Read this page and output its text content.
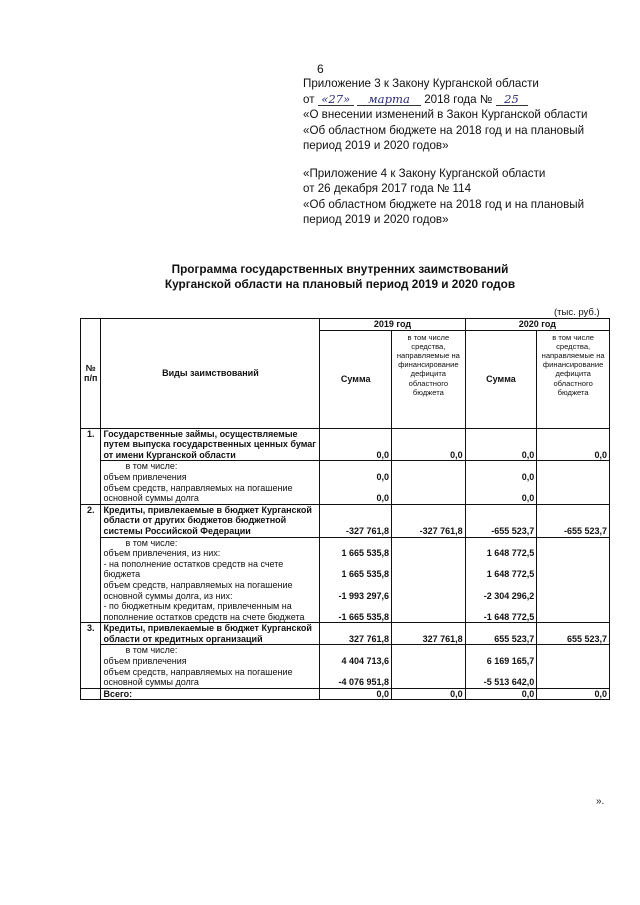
6
Приложение 3 к Закону Курганской области
от «27» марта 2018 года № 25
«О внесении изменений в Закон Курганской области
«Об областном бюджете на 2018 год и на плановый
период 2019 и 2020 годов»
«Приложение 4 к Закону Курганской области
от 26 декабря 2017 года № 114
«Об областном бюджете на 2018 год и на плановый
период 2019 и 2020 годов»
Программа государственных внутренних заимствований
Курганской области на плановый период 2019 и 2020 годов
(тыс. руб.)
№ п/п	Виды заимствований	2019 год		2020 год	
		Сумма	в том числе средства, направляемые на финансирование дефицита областного бюджета	Сумма	в том числе средства, направляемые на финансирование дефицита областного бюджета
1.	Государственные займы, осуществляемые путем выпуска государственных ценных бумаг от имени Курганской области	0,0	0,0	0,0	0,0
	в том числе:				
	объем привлечения	0,0		0,0	
	объем средств, направляемых на погашение основной суммы долга	0,0		0,0	
2.	Кредиты, привлекаемые в бюджет Курганской области от других бюджетов бюджетной системы Российской Федерации	-327 761,8	-327 761,8	-655 523,7	-655 523,7
	в том числе:				
	объем привлечения, из них:	1 665 535,8		1 648 772,5	
	- на пополнение остатков средств на счете бюджета	1 665 535,8		1 648 772,5	
	объем средств, направляемых на погашение основной суммы долга, из них:	-1 993 297,6		-2 304 296,2	
	- по бюджетным кредитам, привлеченным на пополнение остатков средств на счете бюджета	-1 665 535,8		-1 648 772,5	
3.	Кредиты, привлекаемые в бюджет Курганской области от кредитных организаций	327 761,8	327 761,8	655 523,7	655 523,7
	в том числе:				
	объем привлечения	4 404 713,6		6 169 165,7	
	объем средств, направляемых на погашение основной суммы долга	-4 076 951,8		-5 513 642,0	
	Всего:	0,0	0,0	0,0	0,0
».
